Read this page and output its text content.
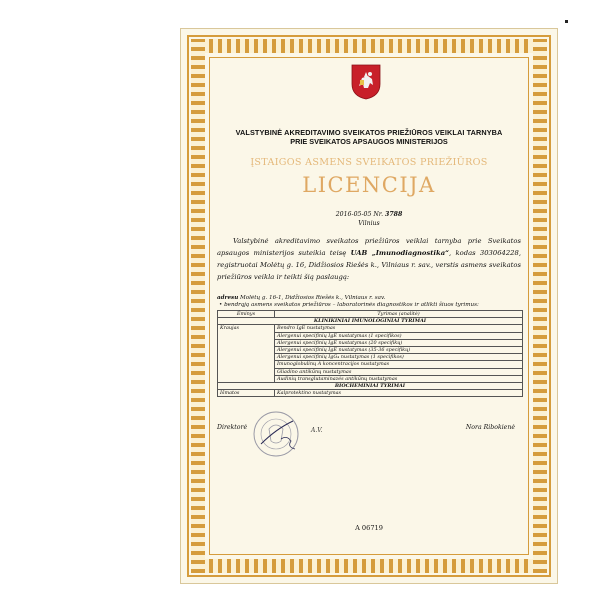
VALSTYBINĖ AKREDITAVIMO SVEIKATOS PRIEŽIŪROS VEIKLAI TARNYBA
PRIE SVEIKATOS APSAUGOS MINISTERIJOS
ĮSTAIGOS ASMENS SVEIKATOS PRIEŽIŪROS
LICENCIJA
2016-05-05 Nr. 3788
Vilnius
Valstybinė akreditavimo sveikatos priežiūros veiklai tarnyba prie Sveikatos apsaugos ministerijos suteikia teisę UAB „Imunodiagnostika“, kodas 303064228, registruotai Molėtų g. 16, Didžiosios Riešės k., Vilniaus r. sav., verstis asmens sveikatos priežiūros veikla ir teikti šią paslaugą:
adresu Molėtų g. 16-1, Didžiosios Riešės k., Vilniaus r. sav.
• bendrąją asmens sveikatos priežiūros – laboratorinės diagnostikos ir atlikti šiuos tyrimus:
Ėminys	Tyrimas (analitė)
KLINIKINIAI IMUNOLOGINIAI TYRIMAI	
Kraujas	Bendro IgE nustatymas
	Alergenui specifinių IgE nustatymas (1 specifikos)
	Alergenui specifinių IgE nustatymas (20 specifikų)
	Alergenui specifinių IgE nustatymas (35-36 specifikų)
	Alergenui specifinių IgG₄ nustatymas (1 specifikos)
	Imunoglobulinų A koncentracijos nustatymas
	Gliadino antikūnų nustatymas
	Audinių transglutaminazės antikūnų nustatymas
BIOCHEMINIAI TYRIMAI	
Išmatos	Kalprotektino nustatymas
Direktorė	A.V.	Nora Ribokienė
A 06719
